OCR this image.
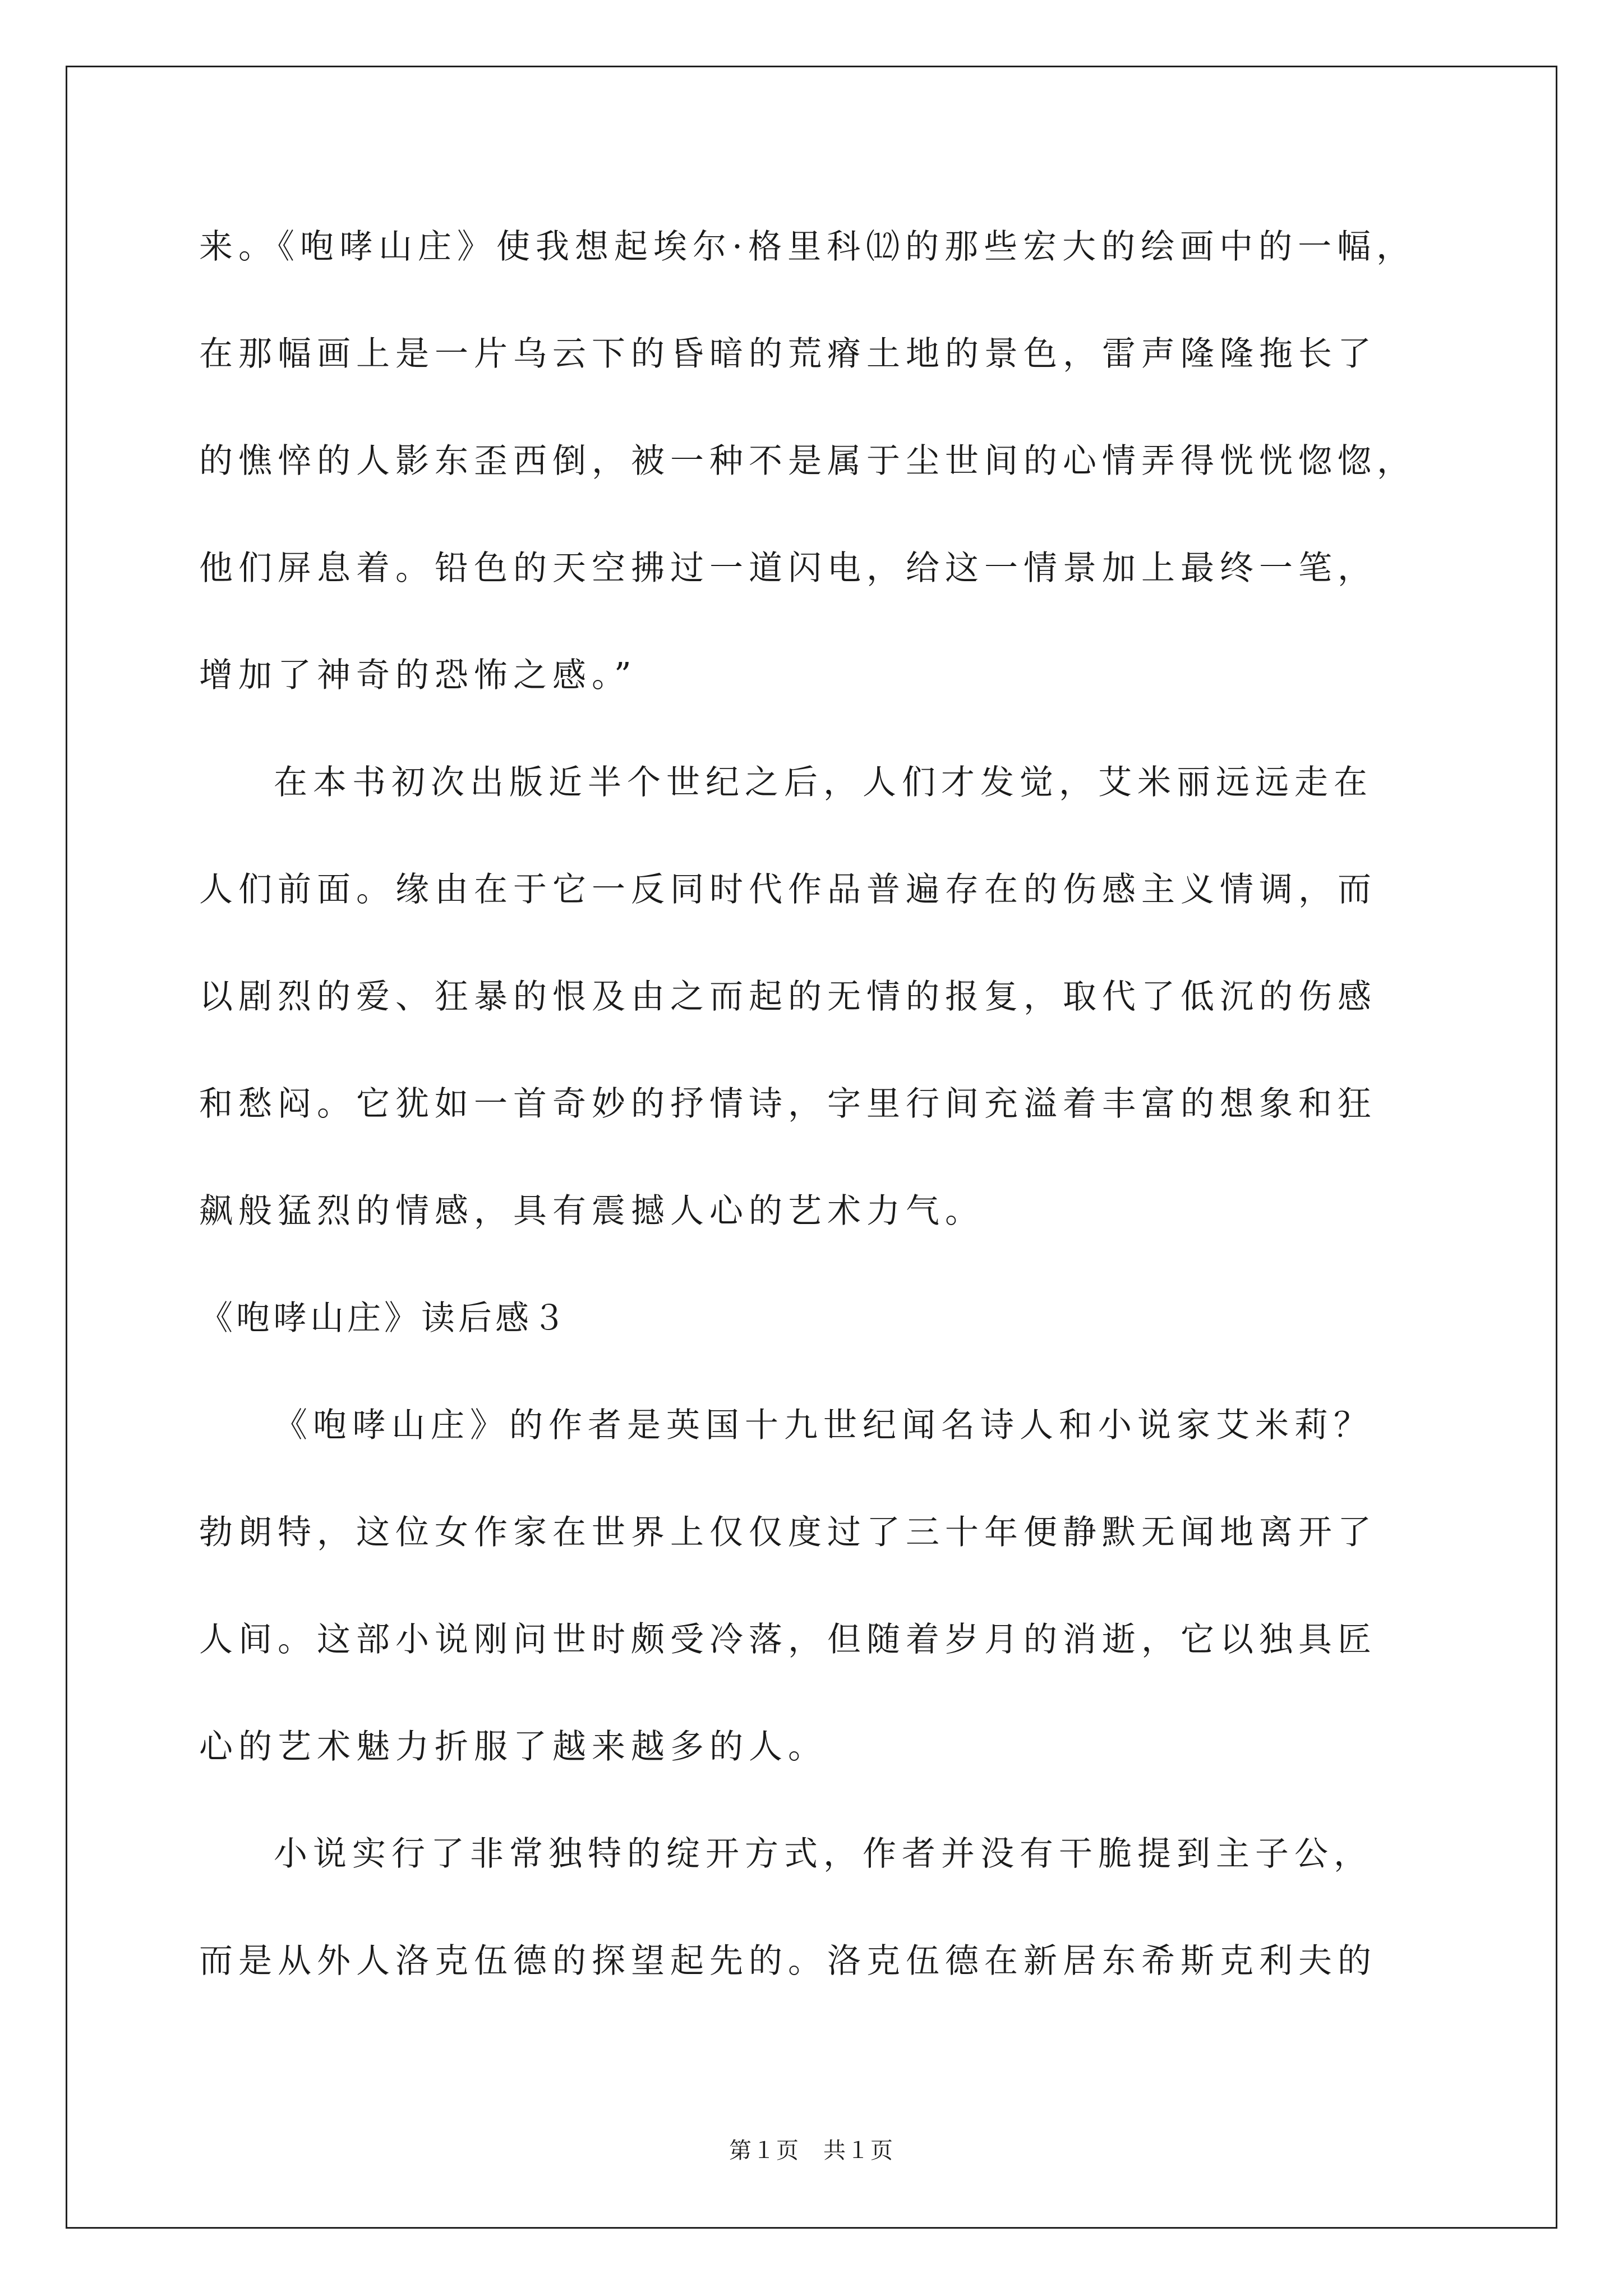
来。《咆哮山庄》使我想起埃尔·格里科⑿的那些宏大的绘画中的一幅，
在那幅画上是一片乌云下的昏暗的荒瘠土地的景色，雷声隆隆拖长了
的憔悴的人影东歪西倒，被一种不是属于尘世间的心情弄得恍恍惚惚，
他们屏息着。铅色的天空拂过一道闪电，给这一情景加上最终一笔，
增加了神奇的恐怖之感。”
在本书初次出版近半个世纪之后，人们才发觉，艾米丽远远走在
人们前面。缘由在于它一反同时代作品普遍存在的伤感主义情调，而
以剧烈的爱、狂暴的恨及由之而起的无情的报复，取代了低沉的伤感
和愁闷。它犹如一首奇妙的抒情诗，字里行间充溢着丰富的想象和狂
飙般猛烈的情感，具有震撼人心的艺术力气。
《咆哮山庄》读后感３
《咆哮山庄》的作者是英国十九世纪闻名诗人和小说家艾米莉？
勃朗特，这位女作家在世界上仅仅度过了三十年便静默无闻地离开了
人间。这部小说刚问世时颇受冷落，但随着岁月的消逝，它以独具匠
心的艺术魅力折服了越来越多的人。
小说实行了非常独特的绽开方式，作者并没有干脆提到主子公，
而是从外人洛克伍德的探望起先的。洛克伍德在新居东希斯克利夫的
第１页　共１页
